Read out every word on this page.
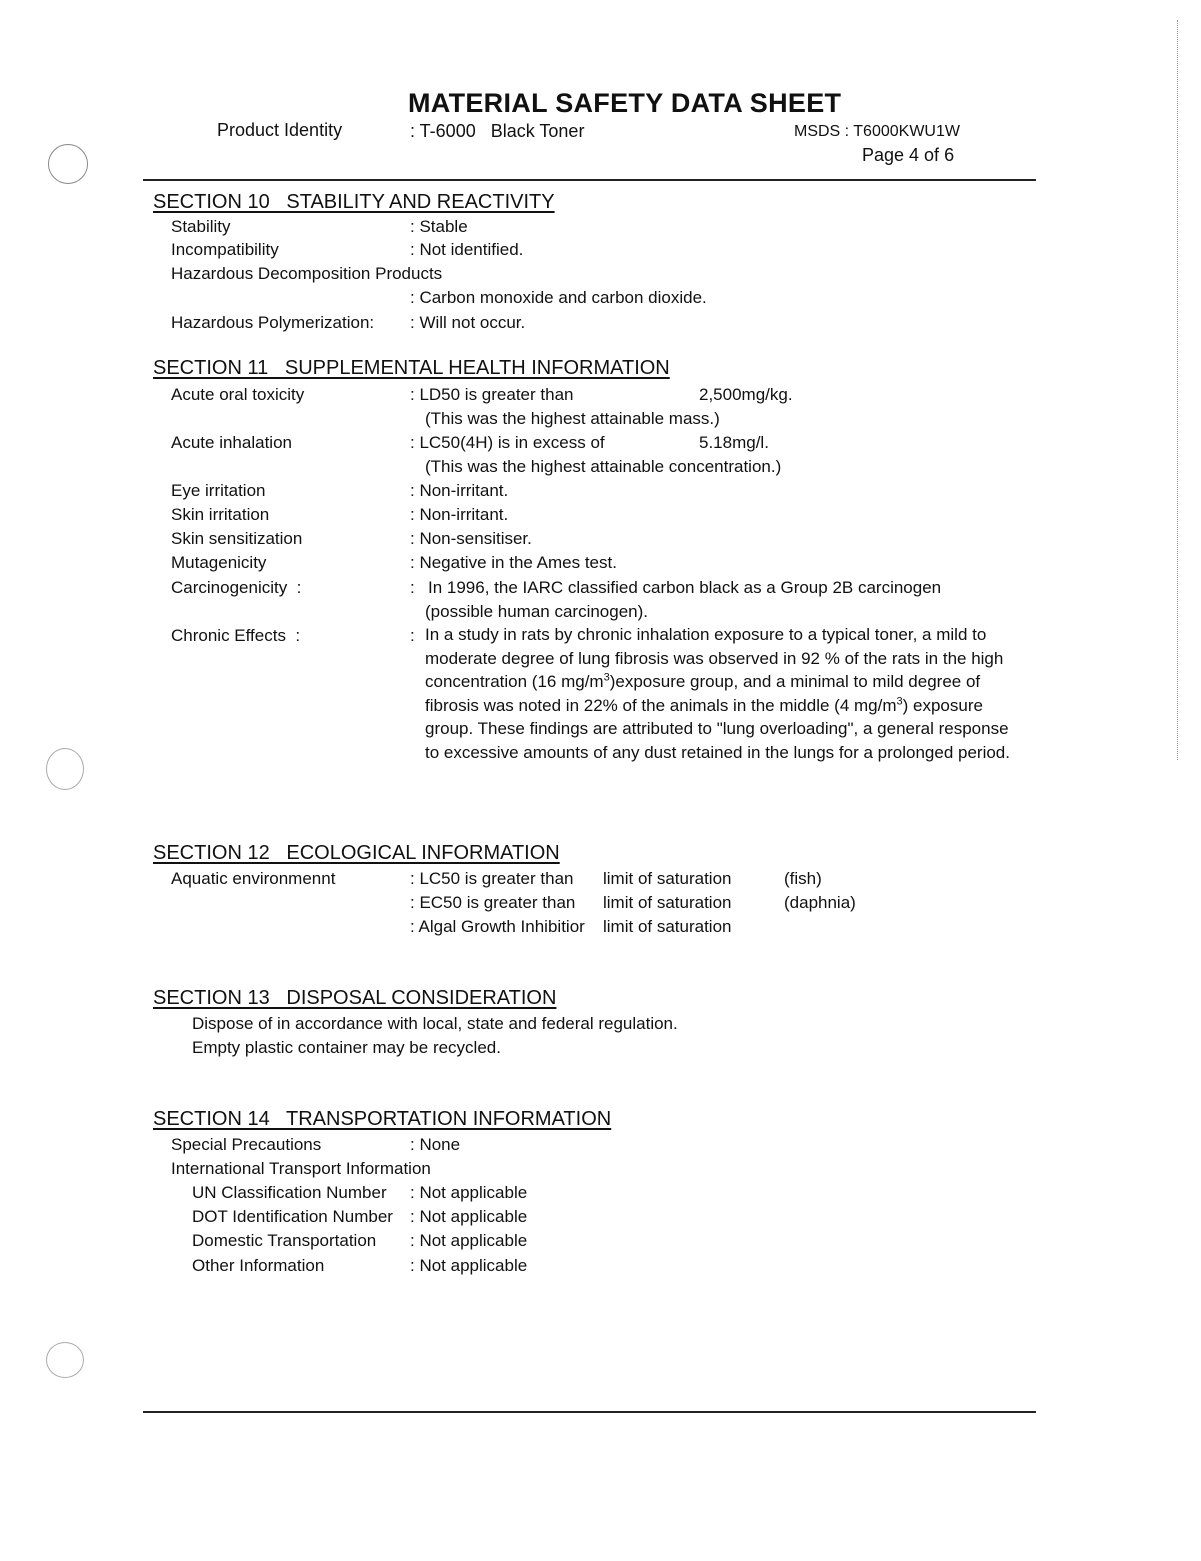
MATERIAL SAFETY DATA SHEET
Product Identity	: T-6000   Black Toner	MSDS : T6000KWU1W
Page 4 of 6
SECTION 10   STABILITY AND REACTIVITY
Stability	: Stable
Incompatibility	: Not identified.
Hazardous Decomposition Products
: Carbon monoxide and carbon dioxide.
Hazardous Polymerization: : Will not occur.
SECTION 11   SUPPLEMENTAL HEALTH INFORMATION
Acute oral toxicity	: LD50 is greater than	2,500mg/kg.
(This was the highest attainable mass.)
Acute inhalation	: LC50(4H) is in excess of	5.18mg/l.
(This was the highest attainable concentration.)
Eye irritation	: Non-irritant.
Skin irritation	: Non-irritant.
Skin sensitization	: Non-sensitiser.
Mutagenicity	: Negative in the Ames test.
Carcinogenicity  :	: In 1996, the IARC classified carbon black as a Group 2B carcinogen
(possible human carcinogen).
Chronic Effects  :	: In a study in rats by chronic inhalation exposure to a typical toner, a mild to moderate degree of lung fibrosis was observed in 92 % of the rats in the high concentration (16 $mg/m^3)exposure$ group, and a minimal to mild degree of fibrosis was noted in 22% of the animals in the middle (4 $mg/m^3$) exposure group. These findings are attributed to "lung overloading", a general response to excessive amounts of any dust retained in the lungs for a prolonged period.

SECTION 12   ECOLOGICAL INFORMATION
Aquatic environmennt	: LC50 is greater than limit of saturation	(fish)
: EC50 is greater than limit of saturation	(daphnia)
: Algal Growth Inhibitior	limit of saturation
SECTION 13   DISPOSAL CONSIDERATION
Dispose of in accordance with local, state and federal regulation.
Empty plastic container may be recycled.
SECTION 14   TRANSPORTATION INFORMATION
Special Precautions	: None
International Transport Information
UN Classification Number : Not applicable
DOT Identification Number : Not applicable
Domestic Transportation : Not applicable
Other Information	: Not applicable
